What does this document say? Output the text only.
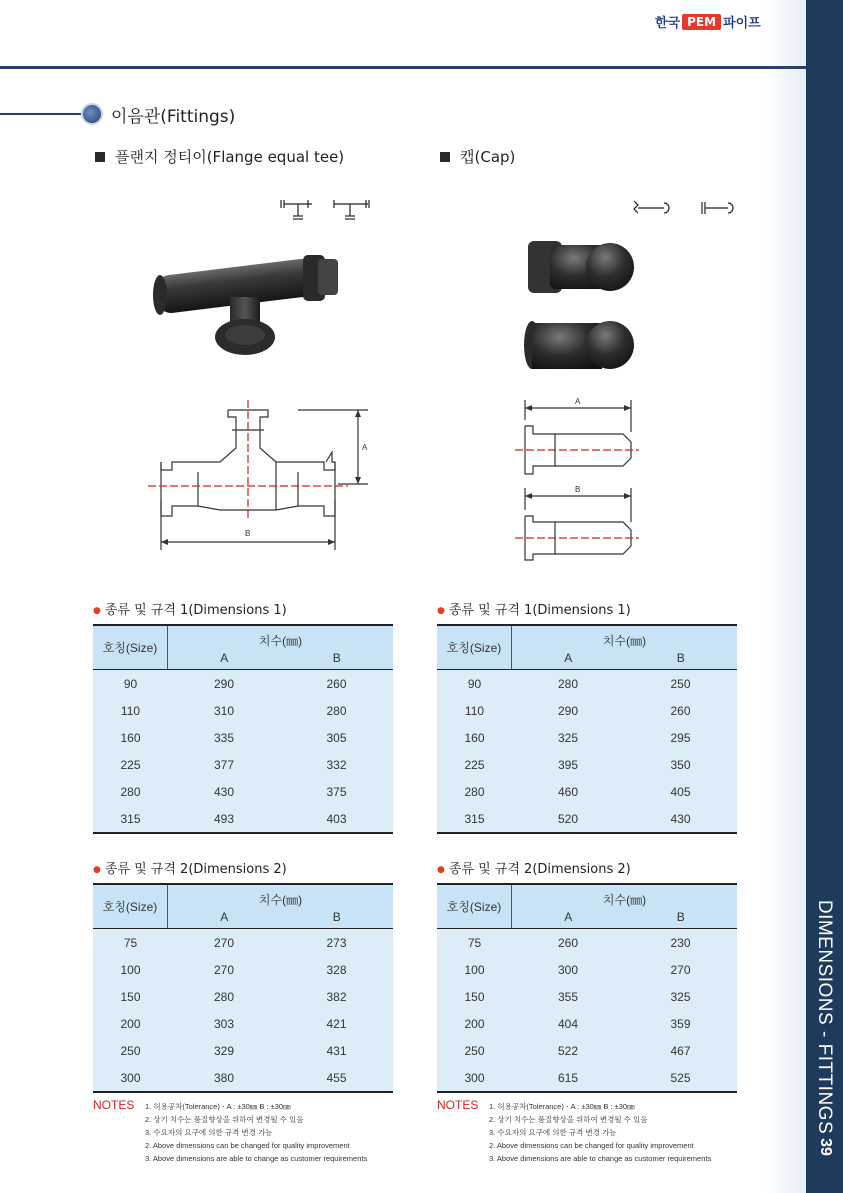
DIMENSIONS - FITTINGS
39
한국 PEM 파이프
이음관(Fittings)
플랜지 정티이(Flange equal tee)	캡(Cap)
A
B
A
B
● 종류 및 규격 1(Dimensions 1)
호칭(Size)	치수(㎜)
A	B
90	290	260
110	310	280
160	335	305
225	377	332
280	430	375
315	493	403
● 종류 및 규격 1(Dimensions 1)
호칭(Size)	치수(㎜)
A	B
90	280	250
110	290	260
160	325	295
225	395	350
280	460	405
315	520	430
● 종류 및 규격 2(Dimensions 2)
호칭(Size)	치수(㎜)
A	B
75	270	273
100	270	328
150	280	382
200	303	421
250	329	431
300	380	455
● 종류 및 규격 2(Dimensions 2)
호칭(Size)	치수(㎜)
A	B
75	260	230
100	300	270
150	355	325
200	404	359
250	522	467
300	615	525
NOTES 1. 허용공차(Tolerance) - A : ±30㎜ B : ±30㎜
2. 상기 치수는 품질향상을 위하여 변경될 수 있음
3. 수요자의 요구에 의한 규격 변경 가능
2. Above dimensions can be changed for quality improvement
3. Above dimensions are able to change as customer requirements
NOTES 1. 허용공차(Tolerance) - A : ±30㎜ B : ±30㎜
2. 상기 치수는 품질향상을 위하여 변경될 수 있음
3. 수요자의 요구에 의한 규격 변경 가능
2. Above dimensions can be changed for quality improvement
3. Above dimensions are able to change as customer requirements
